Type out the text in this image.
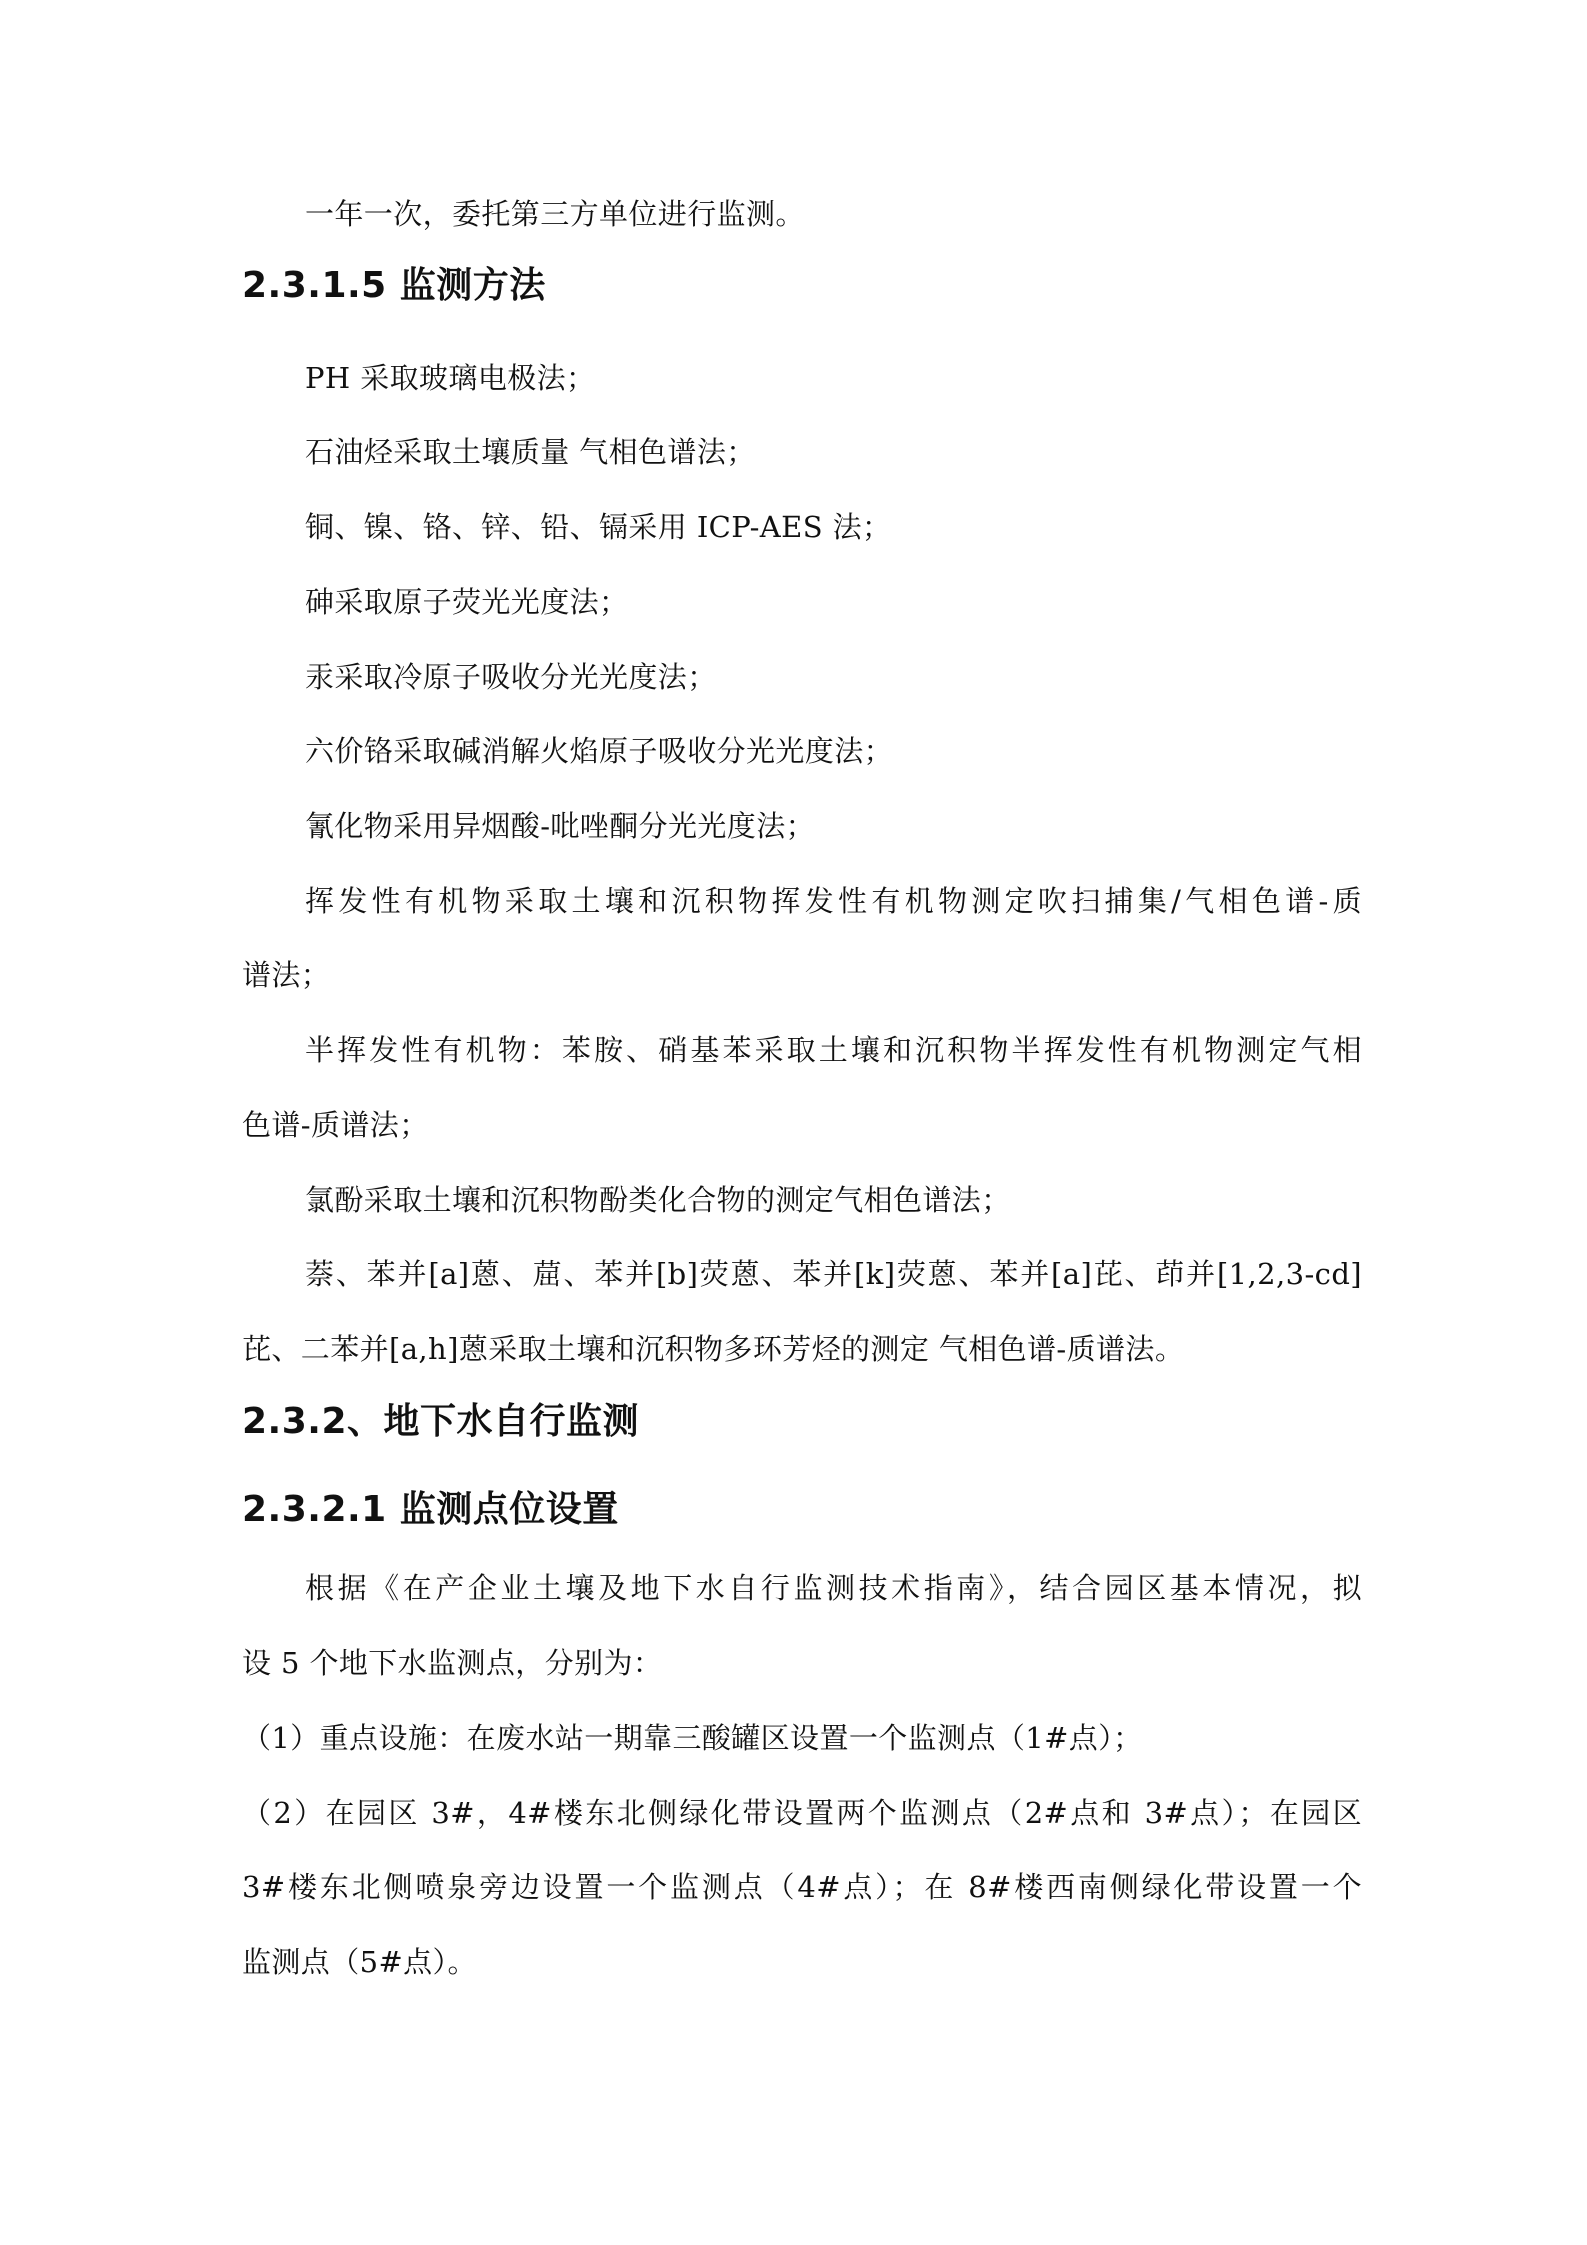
一年一次，委托第三方单位进行监测。
2.3.1.5 监测方法
PH 采取玻璃电极法；
石油烃采取土壤质量 气相色谱法；
铜、镍、铬、锌、铅、镉采用 ICP-AES 法；
砷采取原子荧光光度法；
汞采取冷原子吸收分光光度法；
六价铬采取碱消解火焰原子吸收分光光度法；
氰化物采用异烟酸-吡唑酮分光光度法；
挥发性有机物采取土壤和沉积物挥发性有机物测定吹扫捕集/气相色谱-质
谱法；
半挥发性有机物：苯胺、硝基苯采取土壤和沉积物半挥发性有机物测定气相
色谱-质谱法；
氯酚采取土壤和沉积物酚类化合物的测定气相色谱法；
萘、苯并[a]蒽、䓛、苯并[b]荧蒽、苯并[k]荧蒽、苯并[a]芘、茚并[1,2,3-cd]
芘、二苯并[a,h]蒽采取土壤和沉积物多环芳烃的测定 气相色谱-质谱法。
2.3.2、地下水自行监测
2.3.2.1 监测点位设置
根据《在产企业土壤及地下水自行监测技术指南》，结合园区基本情况，拟
设 5 个地下水监测点，分别为：
（1）重点设施：在废水站一期靠三酸罐区设置一个监测点（1#点）；
（2）在园区 3#，4#楼东北侧绿化带设置两个监测点（2#点和 3#点）；在园区
3#楼东北侧喷泉旁边设置一个监测点（4#点）；在 8#楼西南侧绿化带设置一个
监测点（5#点）。
